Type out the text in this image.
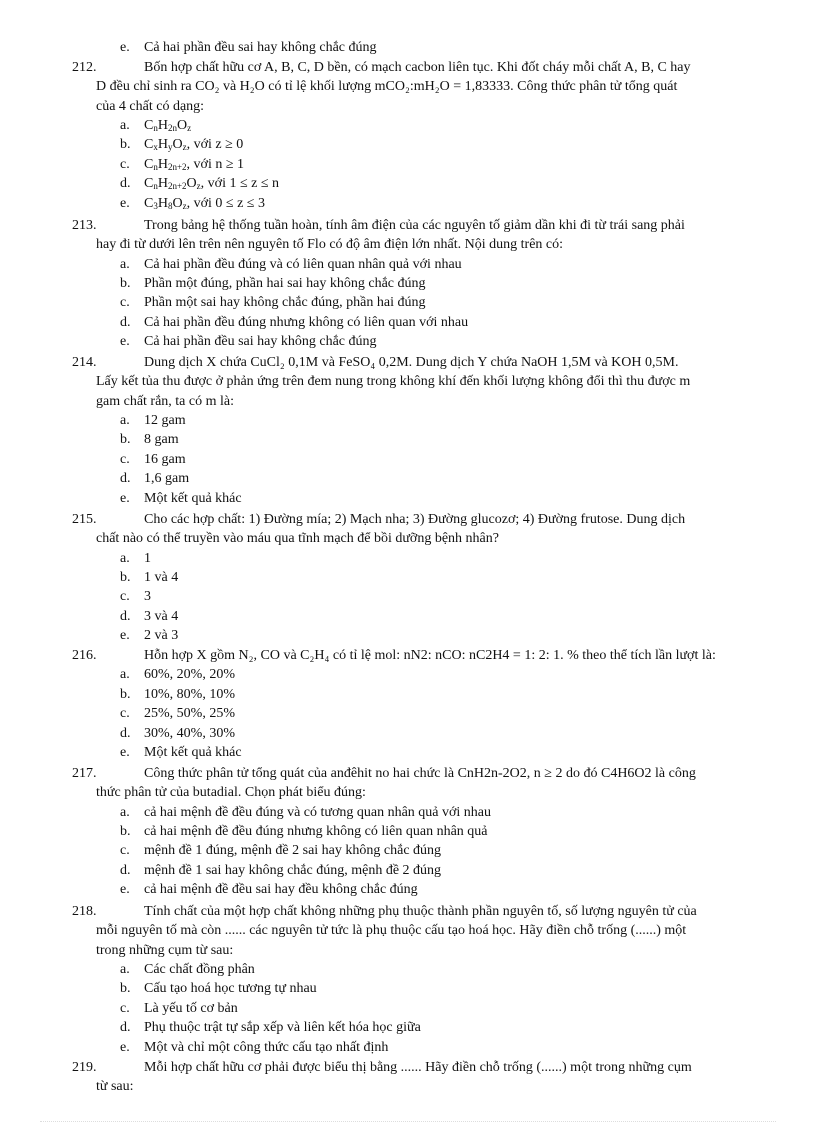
e. Cả hai phần đều sai hay không chắc đúng
212.	Bốn hợp chất hữu cơ A, B, C, D bền, có mạch cacbon liên tục. Khi đốt cháy mỗi chất A, B, C hay
D đều chỉ sinh ra CO₂ và H₂O có tỉ lệ khối lượng mCO₂:mH₂O = 1,83333. Công thức phân tử tổng quát
của 4 chất có dạng:
a.	$C_nH_{2n}O_z$
b. $C_xH_yO_z$, với z ≥ 0
c.	$C_nH_{2n+2}$, với n ≥ 1
d. $C_nH_{2n+2}O_z$, với 1 ≤ z ≤ n
e.	$C_3H_8O_z$, với 0 ≤ z ≤ 3
213.	Trong bảng hệ thống tuần hoàn, tính âm điện của các nguyên tố giảm dần khi đi từ trái sang phải
hay đi từ dưới lên trên nên nguyên tố Flo có độ âm điện lớn nhất. Nội dung trên có:
a.	Cả hai phần đều đúng và có liên quan nhân quả với nhau
b. Phần một đúng, phần hai sai hay không chắc đúng
c.	Phần một sai hay không chắc đúng, phần hai đúng
d. Cả hai phần đều đúng nhưng không có liên quan với nhau
e.	Cả hai phần đều sai hay không chắc đúng
214.	Dung dịch X chứa CuCl₂ 0,1M và FeSO₄ 0,2M. Dung dịch Y chứa NaOH 1,5M và KOH 0,5M.
Lấy kết tủa thu được ở phản ứng trên đem nung trong không khí đến khối lượng không đổi thì thu được m
gam chất rắn, ta có m là:
a.	12 gam
b. 8 gam
c.	16 gam
d. 1,6 gam
e.	Một kết quả khác
215.	Cho các hợp chất: 1) Đường mía; 2) Mạch nha; 3) Đường glucozơ; 4) Đường frutose. Dung dịch
chất nào có thể truyền vào máu qua tĩnh mạch để bồi dưỡng bệnh nhân?
a.	1
b. 1 và 4
c.	3
d. 3 và 4
e.	2 và 3
216.	Hỗn hợp X gồm N₂, CO và C₂H₄ có tỉ lệ mol: nN2: nCO: nC2H4 = 1: 2: 1. % theo thể tích lần lượt là:
a.	60%, 20%, 20%
b. 10%, 80%, 10%
c.	25%, 50%, 25%
d. 30%, 40%, 30%
e.	Một kết quả khác
217.	Công thức phân tử tổng quát của anđêhit no hai chức là CnH2n-2O2, n ≥ 2 do đó C4H6O2 là công
thức phân tử của butadial. Chọn phát biểu đúng:
a.	cả hai mệnh đề đều đúng và có tương quan nhân quả với nhau
b. cả hai mệnh đề đều đúng nhưng không có liên quan nhân quả
c.	mệnh đề 1 đúng, mệnh đề 2 sai hay không chắc đúng
d. mệnh đề 1 sai hay không chắc đúng, mệnh đề 2 đúng
e.	cả hai mệnh đề đều sai hay đều không chắc đúng
218.	Tính chất của một hợp chất không những phụ thuộc thành phần nguyên tố, số lượng nguyên tử của
mỗi nguyên tố mà còn ...... các nguyên tử tức là phụ thuộc cấu tạo hoá học. Hãy điền chỗ trống (......) một
trong những cụm từ sau:
a.	Các chất đồng phân
b. Cấu tạo hoá học tương tự nhau
c.	Là yếu tố cơ bản
d. Phụ thuộc trật tự sắp xếp và liên kết hóa học giữa
e.	Một và chỉ một công thức cấu tạo nhất định
219.	Mỗi hợp chất hữu cơ phải được biểu thị bằng ...... Hãy điền chỗ trống (......) một trong những cụm
từ sau:
